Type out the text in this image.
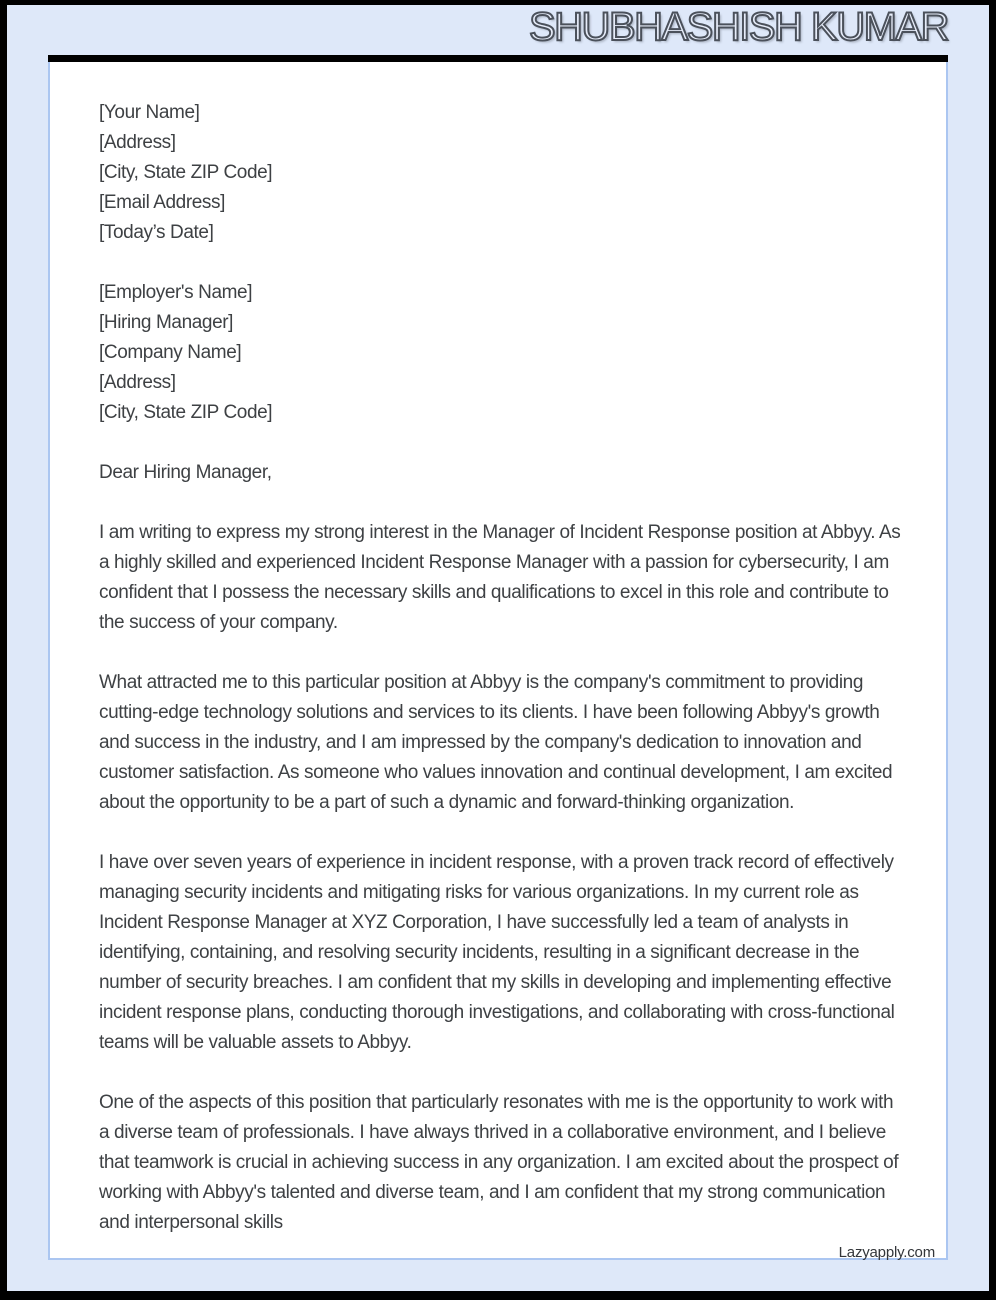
SHUBHASHISH KUMAR
[Your Name]
[Address]
[City, State ZIP Code]
[Email Address]
[Today’s Date]
[Employer's Name]
[Hiring Manager]
[Company Name]
[Address]
[City, State ZIP Code]
Dear Hiring Manager,

I am writing to express my strong interest in the Manager of Incident Response position at Abbyy. As a highly skilled and experienced Incident Response Manager with a passion for cybersecurity, I am confident that I possess the necessary skills and qualifications to excel in this role and contribute to the success of your company.

What attracted me to this particular position at Abbyy is the company's commitment to providing cutting-edge technology solutions and services to its clients. I have been following Abbyy's growth and success in the industry, and I am impressed by the company's dedication to innovation and customer satisfaction. As someone who values innovation and continual development, I am excited about the opportunity to be a part of such a dynamic and forward-thinking organization.

I have over seven years of experience in incident response, with a proven track record of effectively managing security incidents and mitigating risks for various organizations. In my current role as Incident Response Manager at XYZ Corporation, I have successfully led a team of analysts in identifying, containing, and resolving security incidents, resulting in a significant decrease in the number of security breaches. I am confident that my skills in developing and implementing effective incident response plans, conducting thorough investigations, and collaborating with cross-functional teams will be valuable assets to Abbyy.

One of the aspects of this position that particularly resonates with me is the opportunity to work with a diverse team of professionals. I have always thrived in a collaborative environment, and I believe that teamwork is crucial in achieving success in any organization. I am excited about the prospect of working with Abbyy's talented and diverse team, and I am confident that my strong communication and interpersonal skills

Lazyapply.com
